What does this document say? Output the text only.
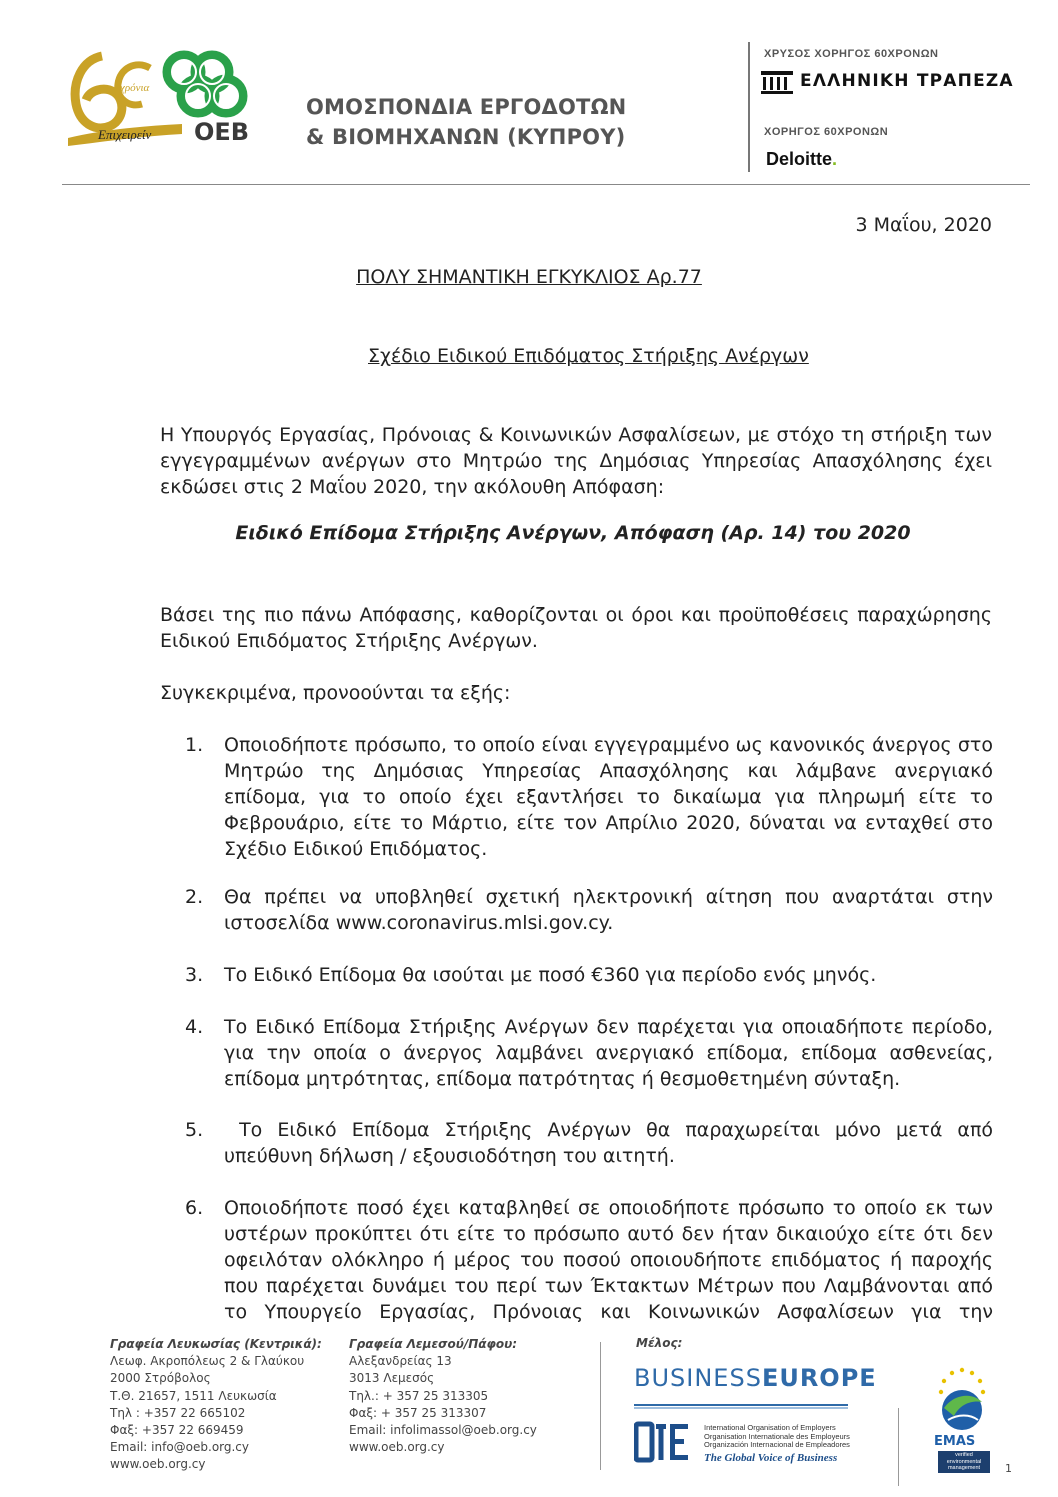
χρόνια
Επιχειρείν OEB
ΟΜΟΣΠΟΝΔΙΑ ΕΡΓΟΔΟΤΩΝ
& ΒΙΟΜΗΧΑΝΩΝ (ΚΥΠΡΟΥ)
ΧΡΥΣΟΣ ΧΟΡΗΓΟΣ 60ΧΡΟΝΩΝ
ΕΛΛΗΝΙΚΗ ΤΡΑΠΕΖΑ
ΧΟΡΗΓΟΣ 60ΧΡΟΝΩΝ
Deloitte.
3 Μαΐου, 2020
ΠΟΛΥ ΣΗΜΑΝΤΙΚΗ ΕΓΚΥΚΛΙΟΣ Αρ.77
Σχέδιο Ειδικού Επιδόματος Στήριξης Ανέργων
Η Υπουργός Εργασίας, Πρόνοιας & Κοινωνικών Ασφαλίσεων, με στόχο τη στήριξη των
εγγεγραμμένων ανέργων στο Μητρώο της Δημόσιας Υπηρεσίας Απασχόλησης έχει
εκδώσει στις 2 Μαΐου 2020, την ακόλουθη Απόφαση:
Ειδικό Επίδομα Στήριξης Ανέργων, Απόφαση (Αρ. 14) του 2020
Βάσει της πιο πάνω Απόφασης, καθορίζονται οι όροι και προϋποθέσεις παραχώρησης
Ειδικού Επιδόματος Στήριξης Ανέργων.
Συγκεκριμένα, προνοούνται τα εξής:
1.	Οποιοδήποτε πρόσωπο, το οποίο είναι εγγεγραμμένο ως κανονικός άνεργος στο Μητρώο της Δημόσιας Υπηρεσίας Απασχόλησης και λάμβανε ανεργιακό επίδομα, για το οποίο έχει εξαντλήσει το δικαίωμα για πληρωμή είτε το Φεβρουάριο, είτε το Μάρτιο, είτε τον Απρίλιο 2020, δύναται να ενταχθεί στο Σχέδιο Ειδικού Επιδόματος.
2.	Θα πρέπει να υποβληθεί σχετική ηλεκτρονική αίτηση που αναρτάται στην ιστοσελίδα www.coronavirus.mlsi.gov.cy.
3.	Το Ειδικό Επίδομα θα ισούται με ποσό €360 για περίοδο ενός μηνός.
4.	Το Ειδικό Επίδομα Στήριξης Ανέργων δεν παρέχεται για οποιαδήποτε περίοδο, για την οποία ο άνεργος λαμβάνει ανεργιακό επίδομα, επίδομα ασθενείας, επίδομα μητρότητας, επίδομα πατρότητας ή θεσμοθετημένη σύνταξη.
5.	Το Ειδικό Επίδομα Στήριξης Ανέργων θα παραχωρείται μόνο μετά από υπεύθυνη δήλωση / εξουσιοδότηση του αιτητή.
6.	Οποιοδήποτε ποσό έχει καταβληθεί σε οποιοδήποτε πρόσωπο το οποίο εκ των υστέρων προκύπτει ότι είτε το πρόσωπο αυτό δεν ήταν δικαιούχο είτε ότι δεν οφειλόταν ολόκληρο ή μέρος του ποσού οποιουδήποτε επιδόματος ή παροχής που παρέχεται δυνάμει του περί των Έκτακτων Μέτρων που Λαμβάνονται από το Υπουργείο Εργασίας, Πρόνοιας και Κοινωνικών Ασφαλίσεων για την
Γραφεία Λευκωσίας (Κεντρικά):
Λεωφ. Ακροπόλεως 2 & Γλαύκου
2000 Στρόβολος
Τ.Θ. 21657, 1511 Λευκωσία
Τηλ : +357 22 665102
Φαξ: +357 22 669459
Email: info@oeb.org.cy
www.oeb.org.cy
Γραφεία Λεμεσού/Πάφου:
Αλεξανδρείας 13
3013 Λεμεσός
Τηλ.: + 357 25 313305
Φαξ: + 357 25 313307
Email: infolimassol@oeb.org.cy
www.oeb.org.cy
Μέλος:
BUSINESSEUROPE
International Organisation of Employers
Organisation Internationale des Employeurs
Organización Internacional de Empleadores
The Global Voice of Business
EMAS
verified
environmental
management	1
